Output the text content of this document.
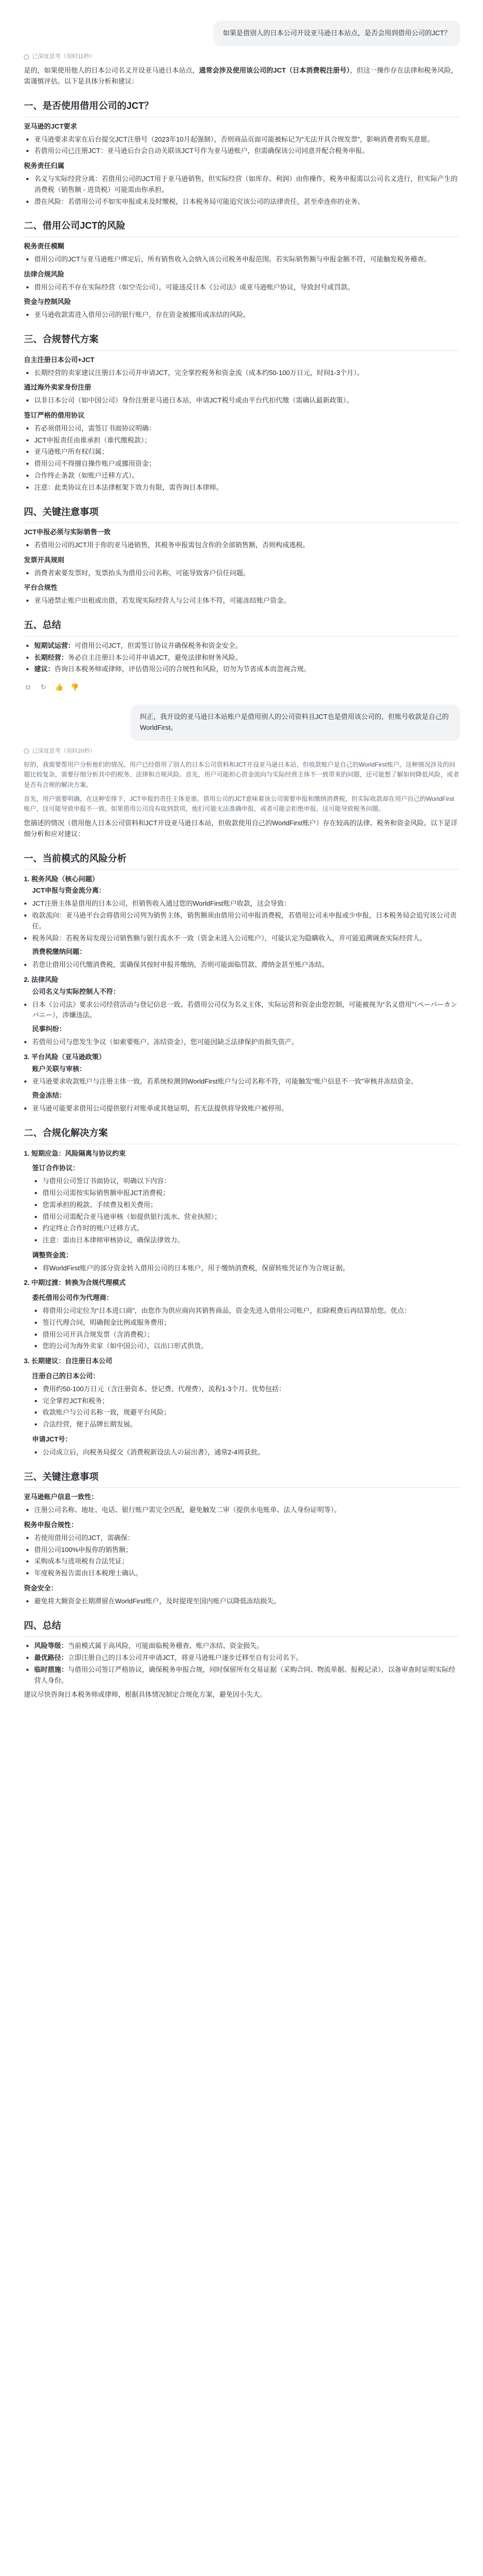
如果是借别人的日本公司开设亚马逊日本站点，是否会用到借用公司的JCT？
已深度思考（用时11秒）

是的，如果使用他人的日本公司名义开设亚马逊日本站点，通常会涉及使用该公司的JCT（日本消费税注册号），但这一操作存在法律和税务风险，需谨慎评估。以下是具体分析和建议：

一、是否使用借用公司的JCT？
亚马逊的JCT要求
• 亚马逊要求卖家在后台提交JCT注册号（2023年10月起强制），否则商品页面可能被标记为“无法开具合规发票”，影响消费者购买意愿。
• 若借用公司已注册JCT：亚马逊后台会自动关联该JCT号作为亚马逊账户，但需确保该公司同意并配合税务申报。
税务责任归属
• 名义与实际经营分离：若借用公司的JCT用于亚马逊销售，但实际经营（如库存、利润）由你操作，税务申报需以公司名义进行，但实际产生的消费税（销售额 - 进货税）可能需由你承担。
• 潜在风险：若借用公司不如实申报或未及时缴税，日本税务局可能追究该公司的法律责任，甚至牵连你的业务。
二、借用公司JCT的风险
税务责任模糊
• 借用公司的JCT与亚马逊账户绑定后，所有销售收入会纳入该公司税务申报范围。若实际销售额与申报金额不符，可能触发税务稽查。
法律合规风险
• 借用公司若不存在实际经营（如空壳公司），可能违反日本《公司法》或亚马逊账户协议，导致封号或罚款。
资金与控制风险
• 亚马逊收款需进入借用公司的银行账户，存在资金被挪用或冻结的风险。
三、合规替代方案
自主注册日本公司+JCT
• 长期经营的卖家建议注册日本公司并申请JCT，完全掌控税务和资金流（成本约50-100万日元，时间1-3个月）。
通过海外卖家身份注册
• 以非日本公司（如中国公司）身份注册亚马逊日本站，申请JCT税号或由平台代扣代缴（需确认最新政策）。
签订严格的借用协议
• 若必须借用公司，需签订书面协议明确：
• JCT申报责任由谁承担（谁代缴税款）；
• 亚马逊账户所有权归属；
• 借用公司不得擅自操作账户或挪用资金；
• 合作终止条款（如账户迁移方式）。
• 注意：此类协议在日本法律框架下效力有限，需咨询日本律师。
四、关键注意事项
JCT申报必须与实际销售一致
• 若借用公司的JCT用于你的亚马逊销售，其税务申报需包含你的全部销售额，否则构成逃税。
发票开具规则
• 消费者索要发票时，发票抬头为借用公司名称，可能导致客户信任问题。
平台合规性
• 亚马逊禁止账户出租或出借，若发现实际经营人与公司主体不符，可能冻结账户资金。
五、总结
• 短期试运营：可借用公司JCT，但需签订协议并确保税务和资金安全。
• 长期经营：务必自主注册日本公司并申请JCT，避免法律和财务风险。
• 建议：咨询日本税务师或律师，评估借用公司的合规性和风险，切勿为节省成本而忽视合规。
⧉ ↻ 👍 👎
纠正，我开设的亚马逊日本站账户是借用别人的公司资料且JCT也是借用该公司的，但账号收款是自己的WorldFirst。
已深度思考（用时20秒）

好的，我需要帮用户分析他们的情况。用户已经借用了别人的日本公司资料和JCT开设亚马逊日本站，但收款账户是自己的WorldFirst账户。这种情况涉及的问题比较复杂，需要仔细分析其中的税务、法律和合规风险。首先，用户可能担心资金流向与实际经营主体不一致带来的问题，还可能想了解如何降低风险，或者是否有合规的解决方案。

首先，用户需要明确，在这种安排下，JCT申报的责任主体是谁。借用公司的JCT意味着该公司需要申报和缴纳消费税，但实际收款却在用户自己的WorldFirst账户，这可能导致申报不一致。如果借用公司没有收到款项，他们可能无法准确申报，或者可能会拒绝申报，这可能导致税务问题。

您描述的情况（借用他人日本公司资料和JCT开设亚马逊日本站，但收款使用自己的WorldFirst账户）存在较高的法律、税务和资金风险。以下是详细分析和应对建议：

一、当前模式的风险分析
1. 税务风险（核心问题）
JCT申报与资金流分离：
• JCT注册主体是借用的日本公司，但销售收入通过您的WorldFirst账户收款，这会导致：
• 收款流向：亚马逊平台会将借用公司列为销售主体，销售额须由借用公司申报消费税，若借用公司未申报或少申报，日本税务局会追究该公司责任。
• 税务风险：若税务局发现公司销售额与银行流水不一致（资金未进入公司账户），可能认定为隐瞒收入，并可能追溯调查实际经营人。
消费税缴纳问题：
• 若您让借用公司代缴消费税，需确保其按时申报并缴纳，否则可能面临罚款、滞纳金甚至账户冻结。
2. 法律风险
公司名义与实际控制人不符：
• 日本《公司法》要求公司经营活动与登记信息一致。若借用公司仅为名义主体，实际运营和资金由您控制，可能被视为“名义借用”（ペーパーカンパニー），涉嫌违法。
民事纠纷：
• 若借用公司与您发生争议（如索要账户、冻结资金），您可能因缺乏法律保护而损失资产。
3. 平台风险（亚马逊政策）
账户关联与审核：
• 亚马逊要求收款账户与注册主体一致。若系统检测到WorldFirst账户与公司名称不符，可能触发“账户信息不一致”审核并冻结资金。
资金冻结：
• 亚马逊可能要求借用公司提供银行对账单或其他证明，若无法提供将导致账户被停用。
二、合规化解决方案
1. 短期应急：风险隔离与协议约束
签订合作协议：
• 与借用公司签订书面协议，明确以下内容：
• 借用公司需按实际销售额申报JCT消费税；
• 您需承担的税款、手续费及相关费用；
• 借用公司需配合亚马逊审核（如提供银行流水、营业执照）；
• 约定终止合作时的账户迁移方式。
• 注意：需由日本律师审核协议，确保法律效力。
调整资金流：
• 将WorldFirst账户的部分资金转入借用公司的日本账户，用于缴纳消费税，保留转账凭证作为合规证据。
2. 中期过渡：转换为合规代理模式
委托借用公司作为代理商：
• 将借用公司定位为“日本进口商”，由您作为供应商向其销售商品，资金先进入借用公司账户，扣除税费后再结算给您。优点：
• 签订代理合同，明确佣金比例或服务费用；
• 借用公司开具合规发票（含消费税）；
• 您的公司为海外卖家（如中国公司），以出口形式供货。
3. 长期建议：自注册日本公司
注册自己的日本公司：
• 费用约50-100万日元（含注册资本、登记费、代理费），流程1-3个月。优势包括：
• 完全掌控JCT和税务；
• 收款账户与公司名称一致，规避平台风险；
• 合法经营，便于品牌长期发展。
申请JCT号：
• 公司成立后，向税务局提交《消费税新设法人の届出書》，通常2-4周获批。
三、关键注意事项
亚马逊账户信息一致性：
• 注册公司名称、地址、电话、银行账户需完全匹配，避免触发二审（提供水电账单、法人身份证明等）。
税务申报合规性：
• 若使用借用公司的JCT，需确保：
• 借用公司100%申报你的销售额；
• 采购成本与进项税有合法凭证；
• 年度税务报告需由日本税理士确认。
资金安全：
• 避免将大额资金长期滞留在WorldFirst账户，及时提现至国内账户以降低冻结损失。
四、总结
• 风险等级：当前模式属于高风险，可能面临税务稽查、账户冻结、资金损失。
• 最优路径：立即注册自己的日本公司并申请JCT，将亚马逊账户逐步迁移至自有公司名下。
• 临时措施：与借用公司签订严格协议，确保税务申报合规，同时保留所有交易证据（采购合同、物流单据、报税记录），以备审查时证明实际经营人身份。

建议尽快咨询日本税务师或律师，根据具体情况制定合规化方案，避免因小失大。
